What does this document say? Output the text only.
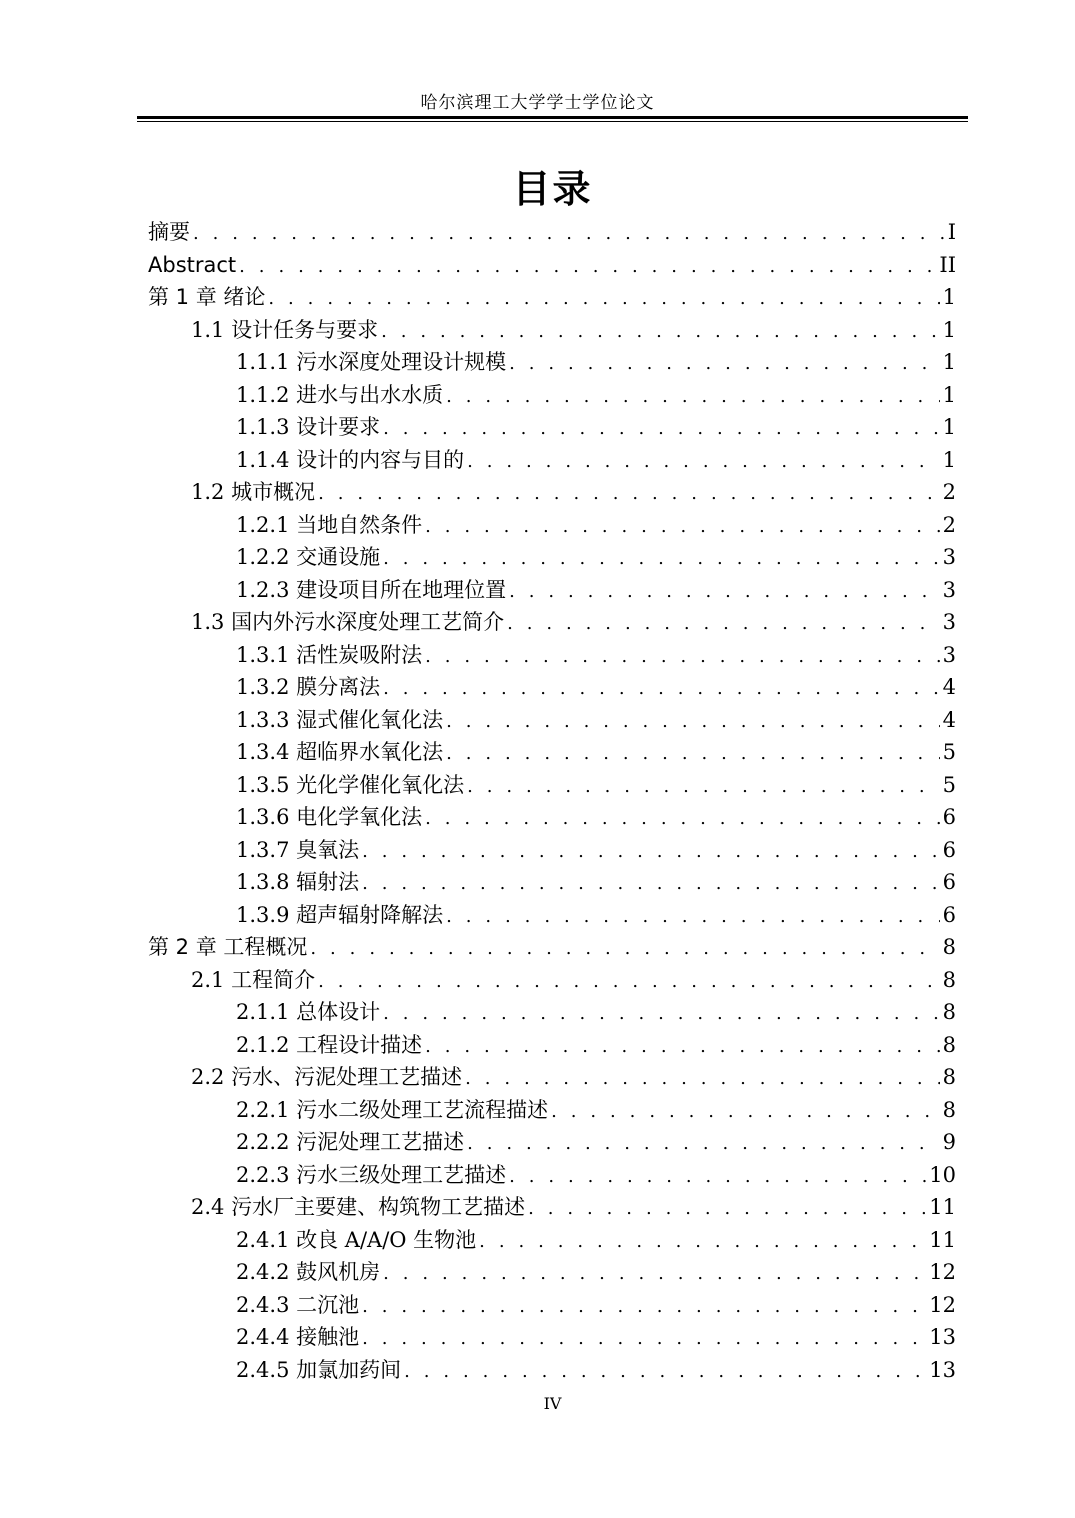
哈尔滨理工大学学士学位论文
目录
摘要 . . .	I
Abstract . . .	II
第 1 章 绪论 . . .	1
1.1 设计任务与要求 . . .	1
1.1.1 污水深度处理设计规模 . . .	1
1.1.2 进水与出水水质 . . .	1
1.1.3 设计要求 . . .	1
1.1.4 设计的内容与目的 . . .	1
1.2 城市概况 . . .	2
1.2.1 当地自然条件 . . .	2
1.2.2 交通设施 . . .	3
1.2.3 建设项目所在地理位置 . . .	3
1.3 国内外污水深度处理工艺简介 . . .	3
1.3.1 活性炭吸附法 . . .	3
1.3.2 膜分离法 . . .	4
1.3.3 湿式催化氧化法 . . .	4
1.3.4 超临界水氧化法 . . .	5
1.3.5 光化学催化氧化法 . . .	5
1.3.6 电化学氧化法 . . .	6
1.3.7 臭氧法 . . .	6
1.3.8 辐射法 . . .	6
1.3.9 超声辐射降解法 . . .	6
第 2 章 工程概况 . . .	8
2.1 工程简介 . . .	8
2.1.1 总体设计 . . .	8
2.1.2 工程设计描述 . . .	8
2.2 污水、污泥处理工艺描述 . . .	8
2.2.1 污水二级处理工艺流程描述 . . .	8
2.2.2 污泥处理工艺描述 . . .	9
2.2.3 污水三级处理工艺描述 . . .	10
2.4 污水厂主要建、构筑物工艺描述 . . .	11
2.4.1 改良 A/A/O 生物池 . . .	11
2.4.2 鼓风机房 . . .	12
2.4.3 二沉池 . . .	12
2.4.4 接触池 . . .	13
2.4.5 加氯加药间 . . .	13
IV
